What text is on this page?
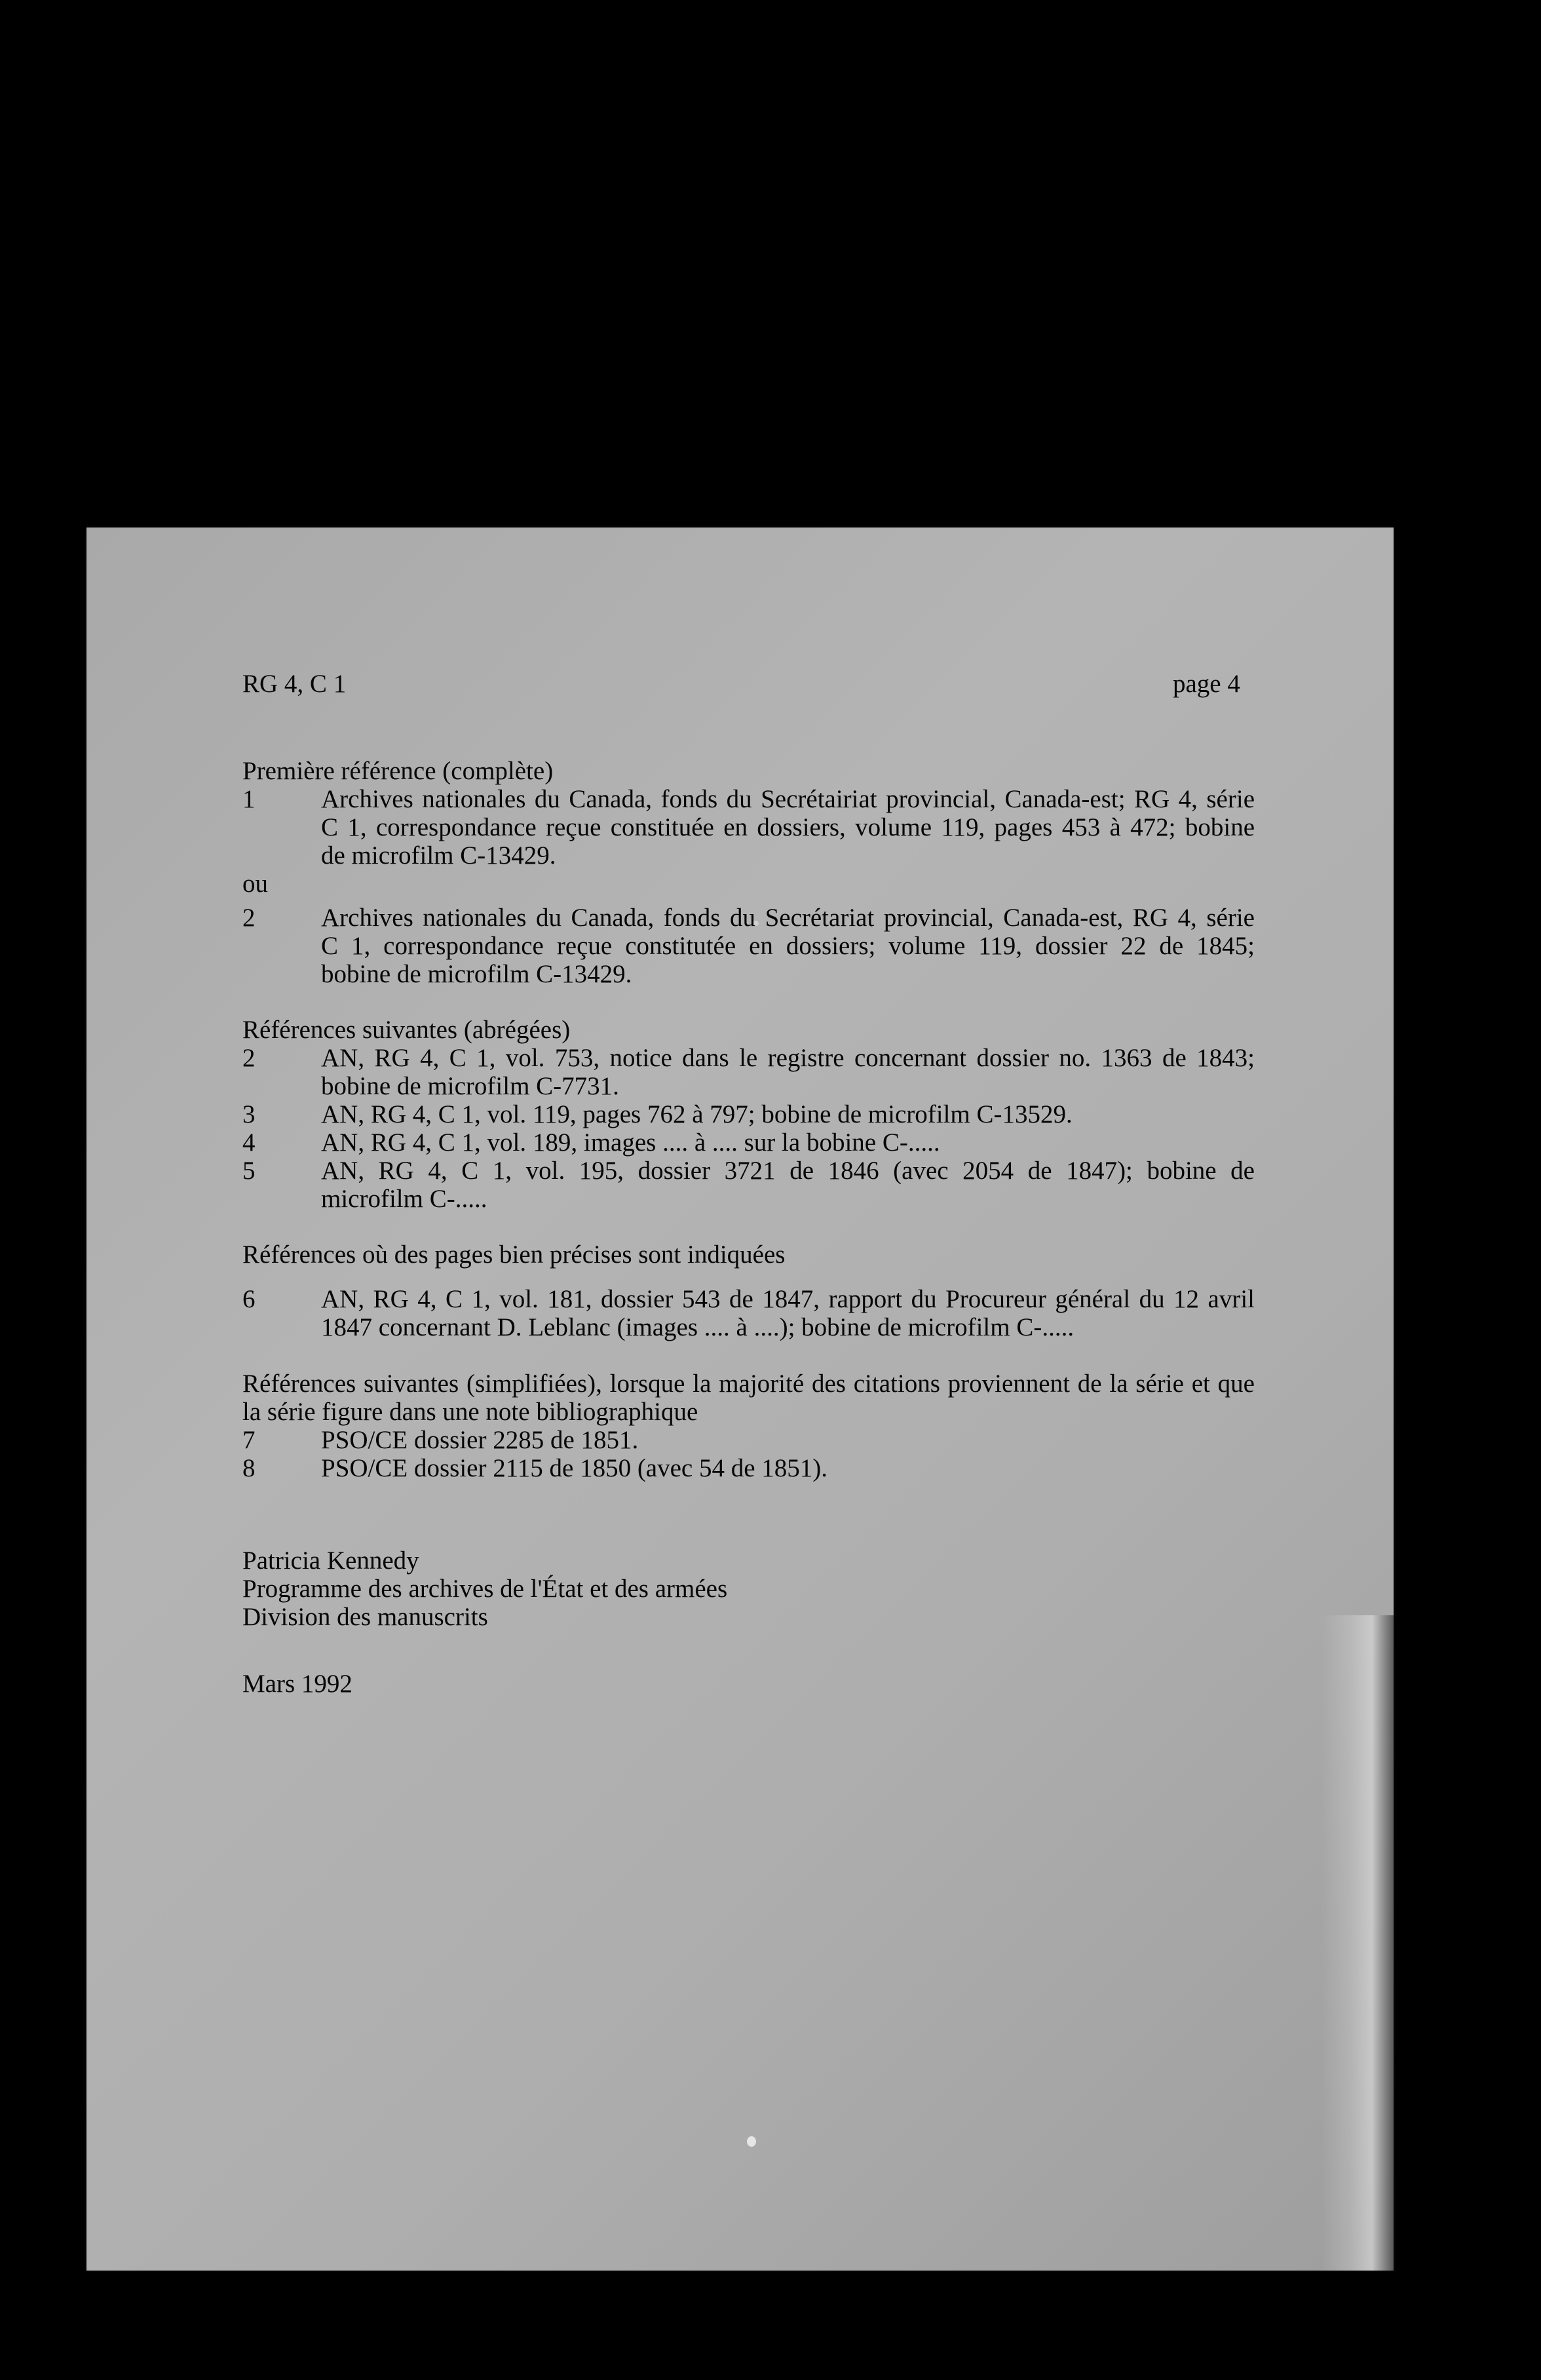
RG 4, C 1	page 4
Première référence (complète)
1	Archives nationales du Canada, fonds du Secrétairiat provincial, Canada-est; RG 4, série
C 1, correspondance reçue constituée en dossiers, volume 119, pages 453 à 472; bobine
de microfilm C-13429.
ou
2	Archives nationales du Canada, fonds du Secrétariat provincial, Canada-est, RG 4, série
C 1, correspondance reçue constitutée en dossiers; volume 119, dossier 22 de 1845;
bobine de microfilm C-13429.
Références suivantes (abrégées)
2	AN, RG 4, C 1, vol. 753, notice dans le registre concernant dossier no. 1363 de 1843;
bobine de microfilm C-7731.
3	AN, RG 4, C 1, vol. 119, pages 762 à 797; bobine de microfilm C-13529.
4	AN, RG 4, C 1, vol. 189, images .... à .... sur la bobine C-.....
5	AN, RG 4, C 1, vol. 195, dossier 3721 de 1846 (avec 2054 de 1847); bobine de
microfilm C-.....
Références où des pages bien précises sont indiquées
6	AN, RG 4, C 1, vol. 181, dossier 543 de 1847, rapport du Procureur général du 12 avril
1847 concernant D. Leblanc (images .... à ....); bobine de microfilm C-.....
Références suivantes (simplifiées), lorsque la majorité des citations proviennent de la série et que
la série figure dans une note bibliographique
7	PSO/CE dossier 2285 de 1851.
8	PSO/CE dossier 2115 de 1850 (avec 54 de 1851).
Patricia Kennedy
Programme des archives de l'État et des armées
Division des manuscrits
Mars 1992
